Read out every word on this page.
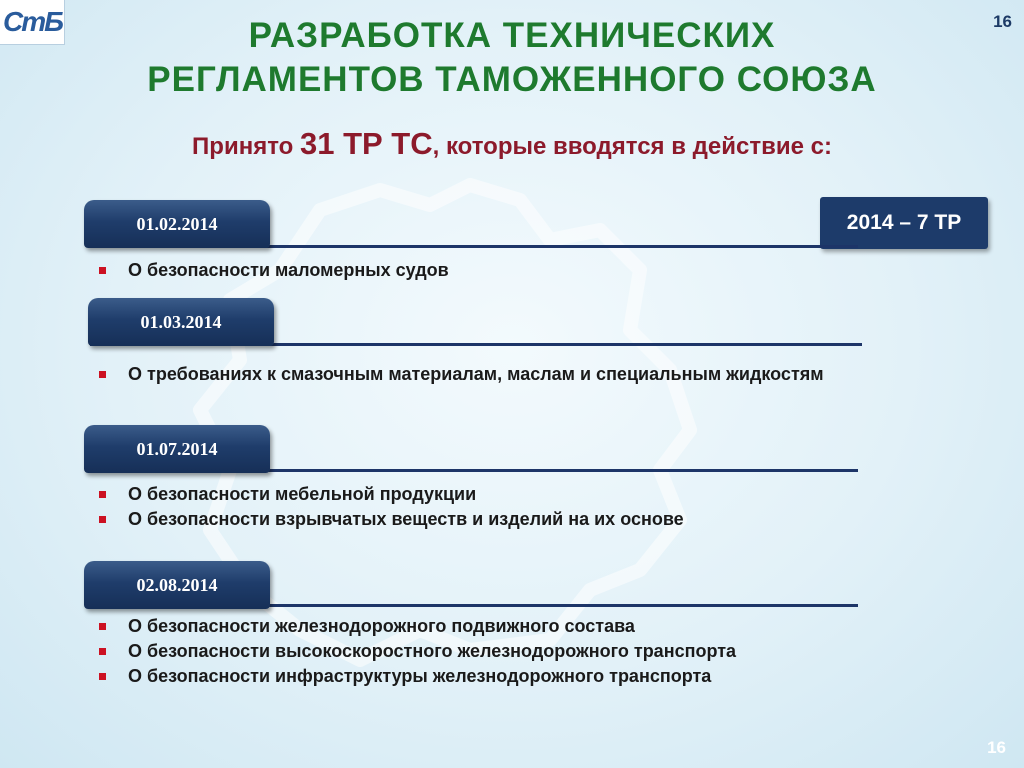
СтБ	16
РАЗРАБОТКА ТЕХНИЧЕСКИХ
РЕГЛАМЕНТОВ ТАМОЖЕННОГО СОЮЗА
Принято 31 ТР ТС, которые вводятся в действие с:
2014 – 7 ТР
01.02.2014
О безопасности маломерных судов
01.03.2014
О требованиях к смазочным материалам, маслам и специальным жидкостям
01.07.2014
О безопасности мебельной продукции
О безопасности взрывчатых веществ и изделий на их основе
02.08.2014
О безопасности железнодорожного подвижного состава
О безопасности высокоскоростного железнодорожного транспорта
О безопасности инфраструктуры железнодорожного транспорта
16
